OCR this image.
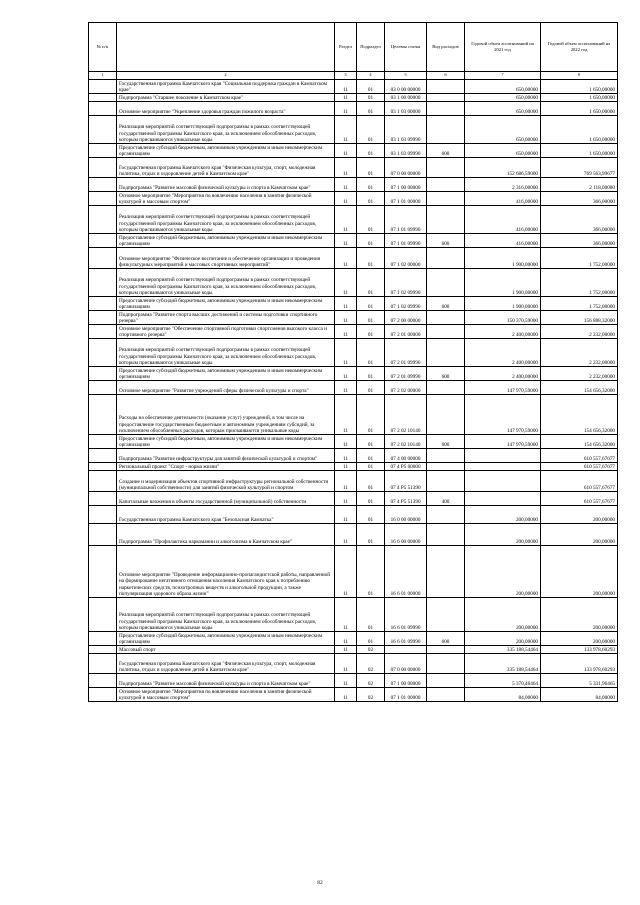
№ п/п		Раздел	Подраздел	Целевая статья	Вид расходов	Годовой объем ассигнований на 2021 год	Годовой объем ассигнований на 2022 год
1	2	3	4	5	6	7	8
	Государственная программа Камчатского края "Социальная поддержка граждан в Камчатском крае"	11	01	03 0 00 00000		650,00000	1 650,00000
	Подпрограмма "Старшее поколение в Камчатском крае"	11	01	03 1 00 00000		650,00000	1 650,00000
	Основное мероприятие "Укрепление здоровья граждан пожилого возраста"	11	01	03 1 03 00000		650,00000	1 650,00000
	Реализация мероприятий соответствующей подпрограммы в рамках соответствующей государственной программы Камчатского края, за исключением обособленных расходов, которым присваиваются уникальные коды	11	01	03 1 03 09990		650,00000	1 650,00000
	Предоставление субсидий бюджетным, автономным учреждениям и иным некоммерческим организациям	11	01	03 1 03 09990	600	650,00000	1 650,00000
	Государственная программа Камчатского края "Физическая культура, спорт, молодежная политика, отдых и оздоровление детей в Камчатском крае"	11	01	07 0 00 00000		152 686,59000	769 563,99677
	Подпрограмма "Развитие массовой физической культуры и спорта в Камчатском крае"	11	01	07 1 00 00000		2 316,00000	2 118,00000
	Основное мероприятие "Мероприятия по вовлечению населения в занятия физической культурой и массовым спортом"	11	01	07 1 01 00000		416,00000	366,00000
	Реализация мероприятий соответствующей подпрограммы в рамках соответствующей государственной программы Камчатского края, за исключением обособленных расходов, которым присваиваются уникальные коды	11	01	07 1 01 09990		416,00000	366,00000
	Предоставление субсидий бюджетным, автономным учреждениям и иным некоммерческим организациям	11	01	07 1 01 09990	600	416,00000	366,00000
	Основное мероприятие "Физическое воспитание и обеспечение организации и проведения физкультурных мероприятий и массовых спортивных мероприятий"	11	01	07 1 02 00000		1 900,00000	1 752,00000
	Реализация мероприятий соответствующей подпрограммы в рамках соответствующей государственной программы Камчатского края, за исключением обособленных расходов, которым присваиваются уникальные коды	11	01	07 1 02 09990		1 900,00000	1 752,00000
	Предоставление субсидий бюджетным, автономным учреждениям и иным некоммерческим организациям	11	01	07 1 02 09990	600	1 900,00000	1 752,00000
	Подпрограмма "Развитие спорта высших достижений и системы подготовки спортивного резерва"	11	01	07 2 00 00000		150 370,59000	156 888,32000
	Основное мероприятие "Обеспечение спортивной подготовки спортсменов высокого класса и спортивного резерва"	11	01	07 2 01 00000		2 400,00000	2 232,00000
	Реализация мероприятий соответствующей подпрограммы в рамках соответствующей государственной программы Камчатского края, за исключением обособленных расходов, которым присваиваются уникальные коды	11	01	07 2 01 09990		2 400,00000	2 232,00000
	Предоставление субсидий бюджетным, автономным учреждениям и иным некоммерческим организациям	11	01	07 2 01 09990	600	2 400,00000	2 232,00000
	Основное мероприятие "Развитие учреждений сферы физической культуры и спорта"	11	01	07 2 02 00000		147 970,59000	154 656,32000
	Расходы на обеспечение деятельности (оказание услуг) учреждений, в том числе на предоставление государственным бюджетным и автономным учреждениям субсидий, за исключением обособленных расходов, которым присваиваются уникальные коды	11	01	07 2 02 10140		147 970,59000	154 656,32000
	Предоставление субсидий бюджетным, автономным учреждениям и иным некоммерческим организациям	11	01	07 2 02 10140	600	147 970,59000	154 656,32000
	Подпрограмма "Развитие инфраструктуры для занятий физической культурой и спортом"	11	01	07 4 00 00000			610 557,67677
	Региональный проект "Спорт - норма жизни"	11	01	07 4 P5 00000			610 557,67677
	Создание и модернизация объектов спортивной инфраструктуры региональной собственности (муниципальной собственности) для занятий физической культурой и спортом	11	01	07 4 P5 51390			610 557,67677
	Капитальные вложения в объекты государственной (муниципальной) собственности	11	01	07 4 P5 51390	400		610 557,67677
	Государственная программа Камчатского края "Безопасная Камчатка"	11	01	16 0 00 00000		200,00000	200,00000
	Подпрограмма "Профилактика наркомании и алкоголизма в Камчатском крае"	11	01	16 6 00 00000		200,00000	200,00000
	Основное мероприятие "Проведение информационно-пропагандистской работы, направленной на формирование негативного отношения населения Камчатского края к потреблению наркотических средств, психотропных веществ и алкогольной продукции, а также популяризация здорового образа жизни"	11	01	16 6 01 00000		200,00000	200,00000
	Реализация мероприятий соответствующей подпрограммы в рамках соответствующей государственной программы Камчатского края, за исключением обособленных расходов, которым присваиваются уникальные коды	11	01	16 6 01 09990		200,00000	200,00000
	Предоставление субсидий бюджетным, автономным учреждениям и иным некоммерческим организациям	11	01	16 6 01 09990	600	200,00000	200,00000
	Массовый спорт	11	02			335 188,54464	133 978,60293
	Государственная программа Камчатского края "Физическая культура, спорт, молодежная политика, отдых и оздоровление детей в Камчатском крае"	11	02	07 0 00 00000		335 188,54464	133 978,60293
	Подпрограмма "Развитие массовой физической культуры и спорта в Камчатском крае"	11	02	07 1 00 00000		5 370,46464	5 331,96465
	Основное мероприятие "Мероприятия по вовлечению населения в занятия физической культурой и массовым спортом"	11	02	07 1 01 00000		84,00000	84,00000
82
